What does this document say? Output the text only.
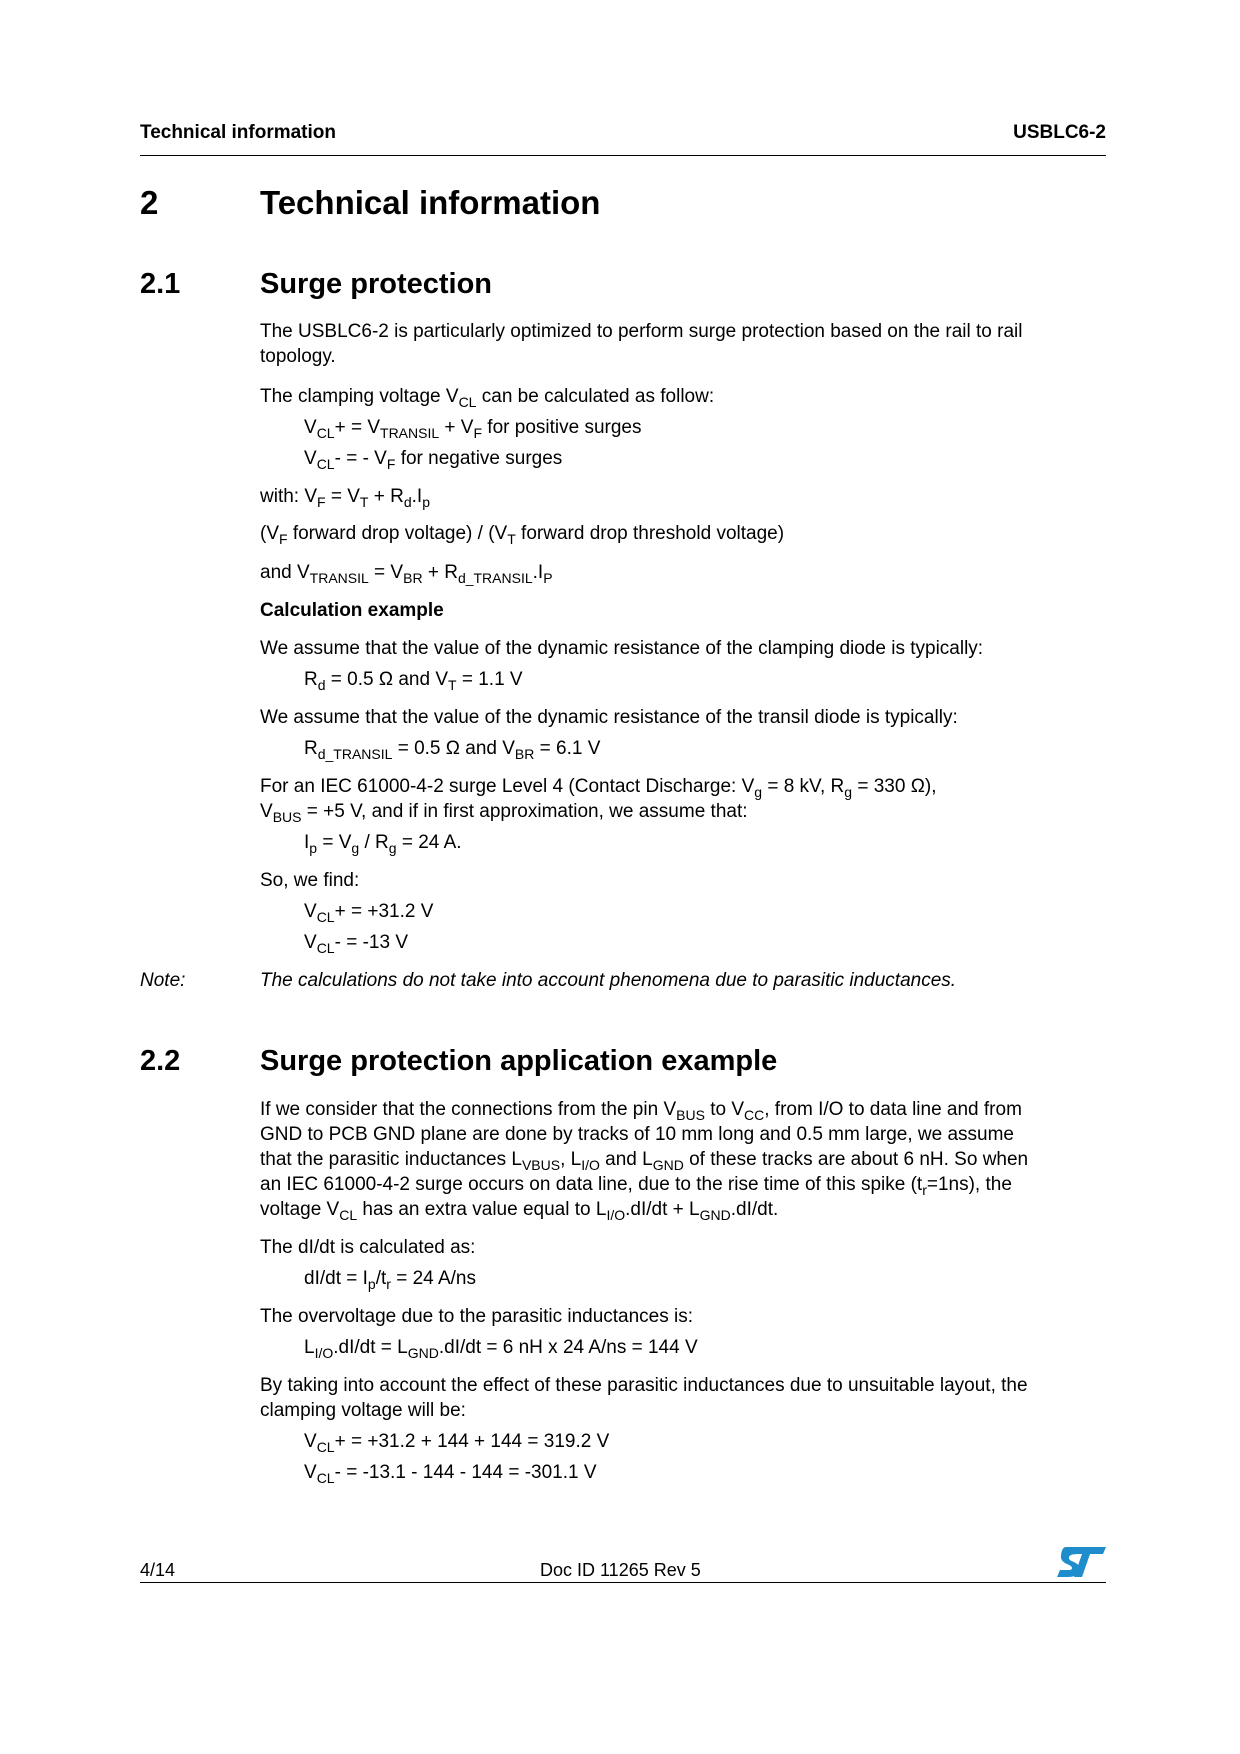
Technical information	USBLC6-2
2	Technical information
2.1	Surge protection
The USBLC6-2 is particularly optimized to perform surge protection based on the rail to rail
topology.
The clamping voltage $V_{CL}$ can be calculated as follow:
$V_{CL}+ = V_{TRANSIL} + V_F$ for positive surges
$V_{CL}-$ = - $V_F$ for negative surges
with: $V_F = V_T + R_d.I_p$
($V_F$ forward drop voltage) / ($V_T$ forward drop threshold voltage)
and $V_{TRANSIL} = V_{BR} + R_{d\_TRANSIL}.I_P$
Calculation example
We assume that the value of the dynamic resistance of the clamping diode is typically:
$R_d = 0.5$ Ω and $V_T = 1.1$ V
We assume that the value of the dynamic resistance of the transil diode is typically:
$R_{d\_TRANSIL} = 0.5$ Ω and $V_{BR} = 6.1$ V
For an IEC 61000-4-2 surge Level 4 (Contact Discharge: $V_g = 8$ kV, $R_g = 330$ Ω),
$V_{BUS} = +5$ V, and if in first approximation, we assume that:
$I_p = V_g / R_g = 24$ A.
So, we find:
$V_{CL}+ = +31.2$ V
$V_{CL}- = -13$ V
Note:	The calculations do not take into account phenomena due to parasitic inductances.
2.2	Surge protection application example
If we consider that the connections from the pin $V_{BUS}$ to $V_{CC}$, from I/O to data line and from
GND to PCB GND plane are done by tracks of 10 mm long and 0.5 mm large, we assume
that the parasitic inductances $L_{VBUS}$, $L_{I/O}$ and $L_{GND}$ of these tracks are about 6 nH. So when
an IEC 61000-4-2 surge occurs on data line, due to the rise time of this spike $(t_r=1ns)$, the
voltage $V_{CL}$ has an extra value equal to $L_{I/O}.dI/dt + L_{GND}.dI/dt$.
The dI/dt is calculated as:
$dI/dt = I_p/t_r = 24$ A/ns
The overvoltage due to the parasitic inductances is:
$L_{I/O}.dI/dt = L_{GND}.dI/dt = 6$ nH x 24 A/ns = 144 V
By taking into account the effect of these parasitic inductances due to unsuitable layout, the
clamping voltage will be:
$V_{CL}+ = +31.2 + 144 + 144 = 319.2$ V
$V_{CL}- = -13.1 - 144 - 144 = -301.1$ V
4/14	Doc ID 11265 Rev 5
